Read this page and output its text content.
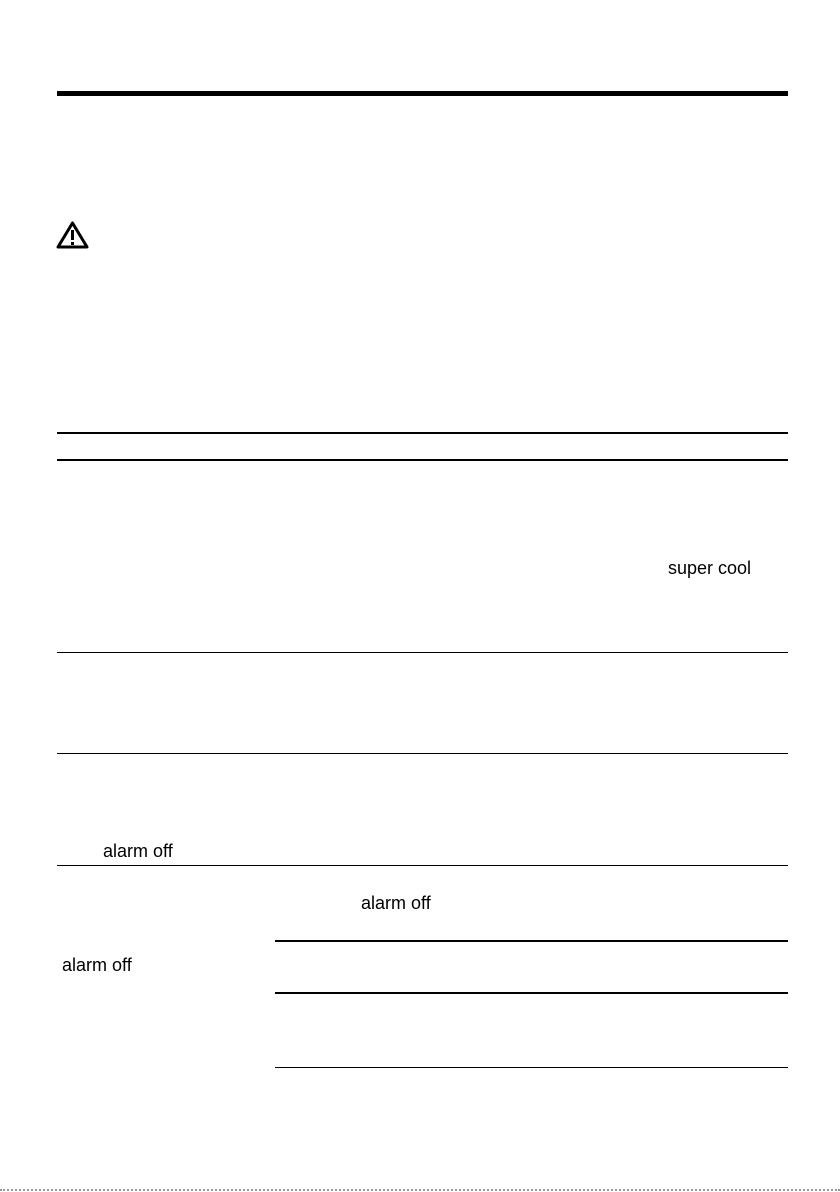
super cool
alarm off
alarm off
alarm off
